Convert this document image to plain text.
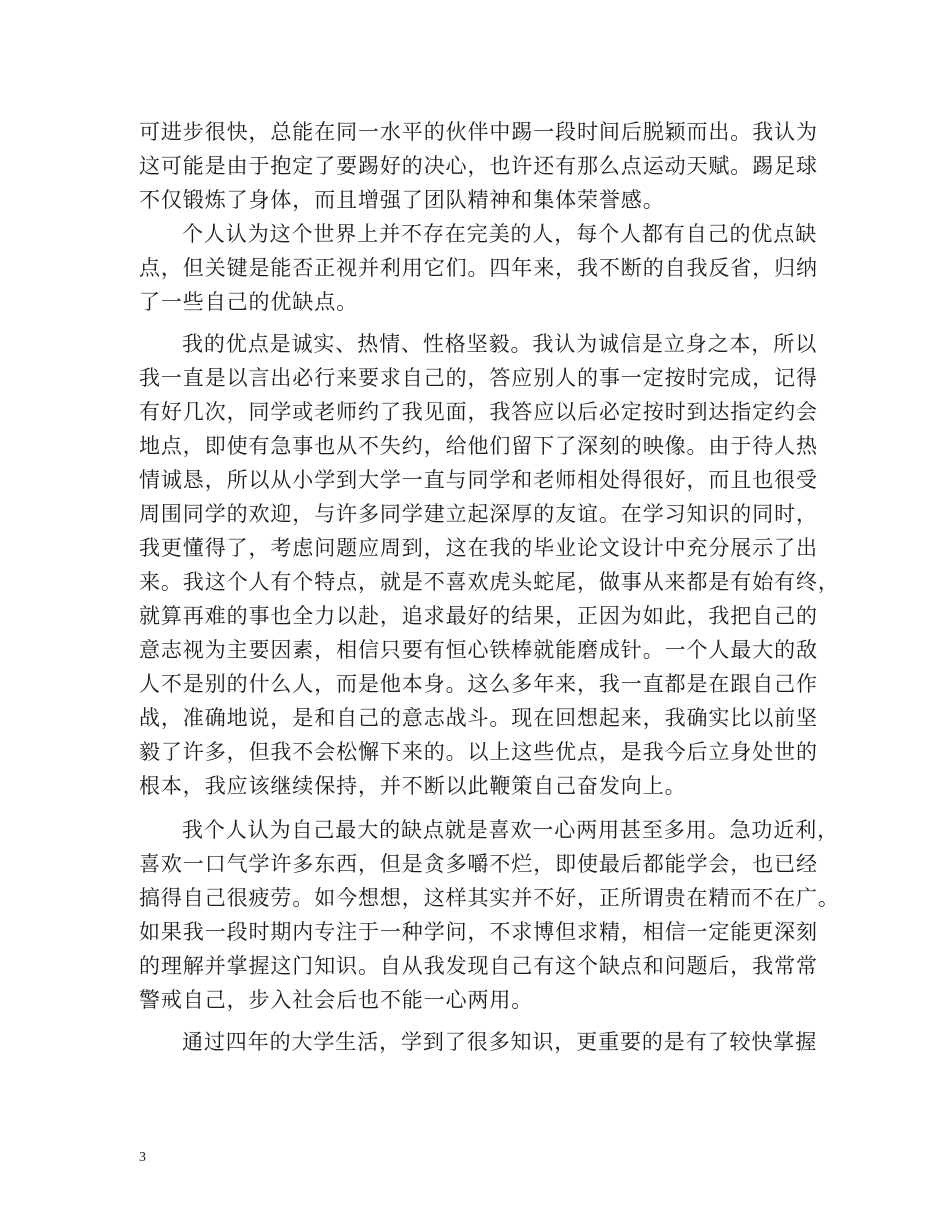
可进步很快，总能在同一水平的伙伴中踢一段时间后脱颖而出。我认为
这可能是由于抱定了要踢好的决心，也许还有那么点运动天赋。踢足球
不仅锻炼了身体，而且增强了团队精神和集体荣誉感。
个人认为这个世界上并不存在完美的人，每个人都有自己的优点缺
点，但关键是能否正视并利用它们。四年来，我不断的自我反省，归纳
了一些自己的优缺点。
我的优点是诚实、热情、性格坚毅。我认为诚信是立身之本，所以
我一直是以言出必行来要求自己的，答应别人的事一定按时完成，记得
有好几次，同学或老师约了我见面，我答应以后必定按时到达指定约会
地点，即使有急事也从不失约，给他们留下了深刻的映像。由于待人热
情诚恳，所以从小学到大学一直与同学和老师相处得很好，而且也很受
周围同学的欢迎，与许多同学建立起深厚的友谊。在学习知识的同时，
我更懂得了，考虑问题应周到，这在我的毕业论文设计中充分展示了出
来。我这个人有个特点，就是不喜欢虎头蛇尾，做事从来都是有始有终，
就算再难的事也全力以赴，追求最好的结果，正因为如此，我把自己的
意志视为主要因素，相信只要有恒心铁棒就能磨成针。一个人最大的敌
人不是别的什么人，而是他本身。这么多年来，我一直都是在跟自己作
战，准确地说，是和自己的意志战斗。现在回想起来，我确实比以前坚
毅了许多，但我不会松懈下来的。以上这些优点，是我今后立身处世的
根本，我应该继续保持，并不断以此鞭策自己奋发向上。
我个人认为自己最大的缺点就是喜欢一心两用甚至多用。急功近利，
喜欢一口气学许多东西，但是贪多嚼不烂，即使最后都能学会，也已经
搞得自己很疲劳。如今想想，这样其实并不好，正所谓贵在精而不在广。
如果我一段时期内专注于一种学问，不求博但求精，相信一定能更深刻
的理解并掌握这门知识。自从我发现自己有这个缺点和问题后，我常常
警戒自己，步入社会后也不能一心两用。
通过四年的大学生活，学到了很多知识，更重要的是有了较快掌握
3
